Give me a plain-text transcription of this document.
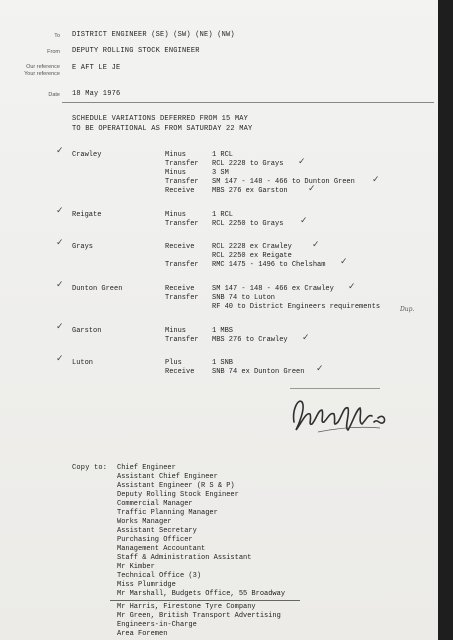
To DISTRICT ENGINEER (SE) (SW) (NE) (NW)
From DEPUTY ROLLING STOCK ENGINEER
Our reference
Your reference
E AFT LE JE
Date 18 May 1976
SCHEDULE VARIATIONS DEFERRED FROM 15 MAY
TO BE OPERATIONAL AS FROM SATURDAY 22 MAY
✓ Crawley	Minus	1 RCL
Transfer RCL 2228 to Grays ✓
Minus	3 SM
Transfer SM 147 - 148 - 466 to Dunton Green ✓
Receive	MBS 276 ex Garston ✓
✓ Reigate	Minus	1 RCL
Transfer RCL 2250 to Grays ✓
✓ Grays	Receive	RCL 2228 ex Crawley ✓
RCL 2250 ex Reigate
Transfer RMC 1475 - 1496 to Chelsham ✓
✓ Dunton Green	Receive	SM 147 - 148 - 466 ex Crawley ✓
Transfer SNB 74 to Luton
RF 40 to District Engineers requirements	Dup.
✓ Garston	Minus	1 MBS
Transfer MBS 276 to Crawley ✓
✓ Luton	Plus	1 SNB
Receive	SNB 74 ex Dunton Green ✓
Copy to: Chief Engineer
Assistant Chief Engineer
Assistant Engineer (R S & P)
Deputy Rolling Stock Engineer
Commercial Manager
Traffic Planning Manager
Works Manager
Assistant Secretary
Purchasing Officer
Management Accountant
Staff & Administration Assistant
Mr Kimber
Technical Office (3)
Miss Plumridge
Mr Marshall, Budgets Office, 55 Broadway
Mr Harris, Firestone Tyre Company
Mr Green, British Transport Advertising
Engineers-in-Charge
Area Foremen
